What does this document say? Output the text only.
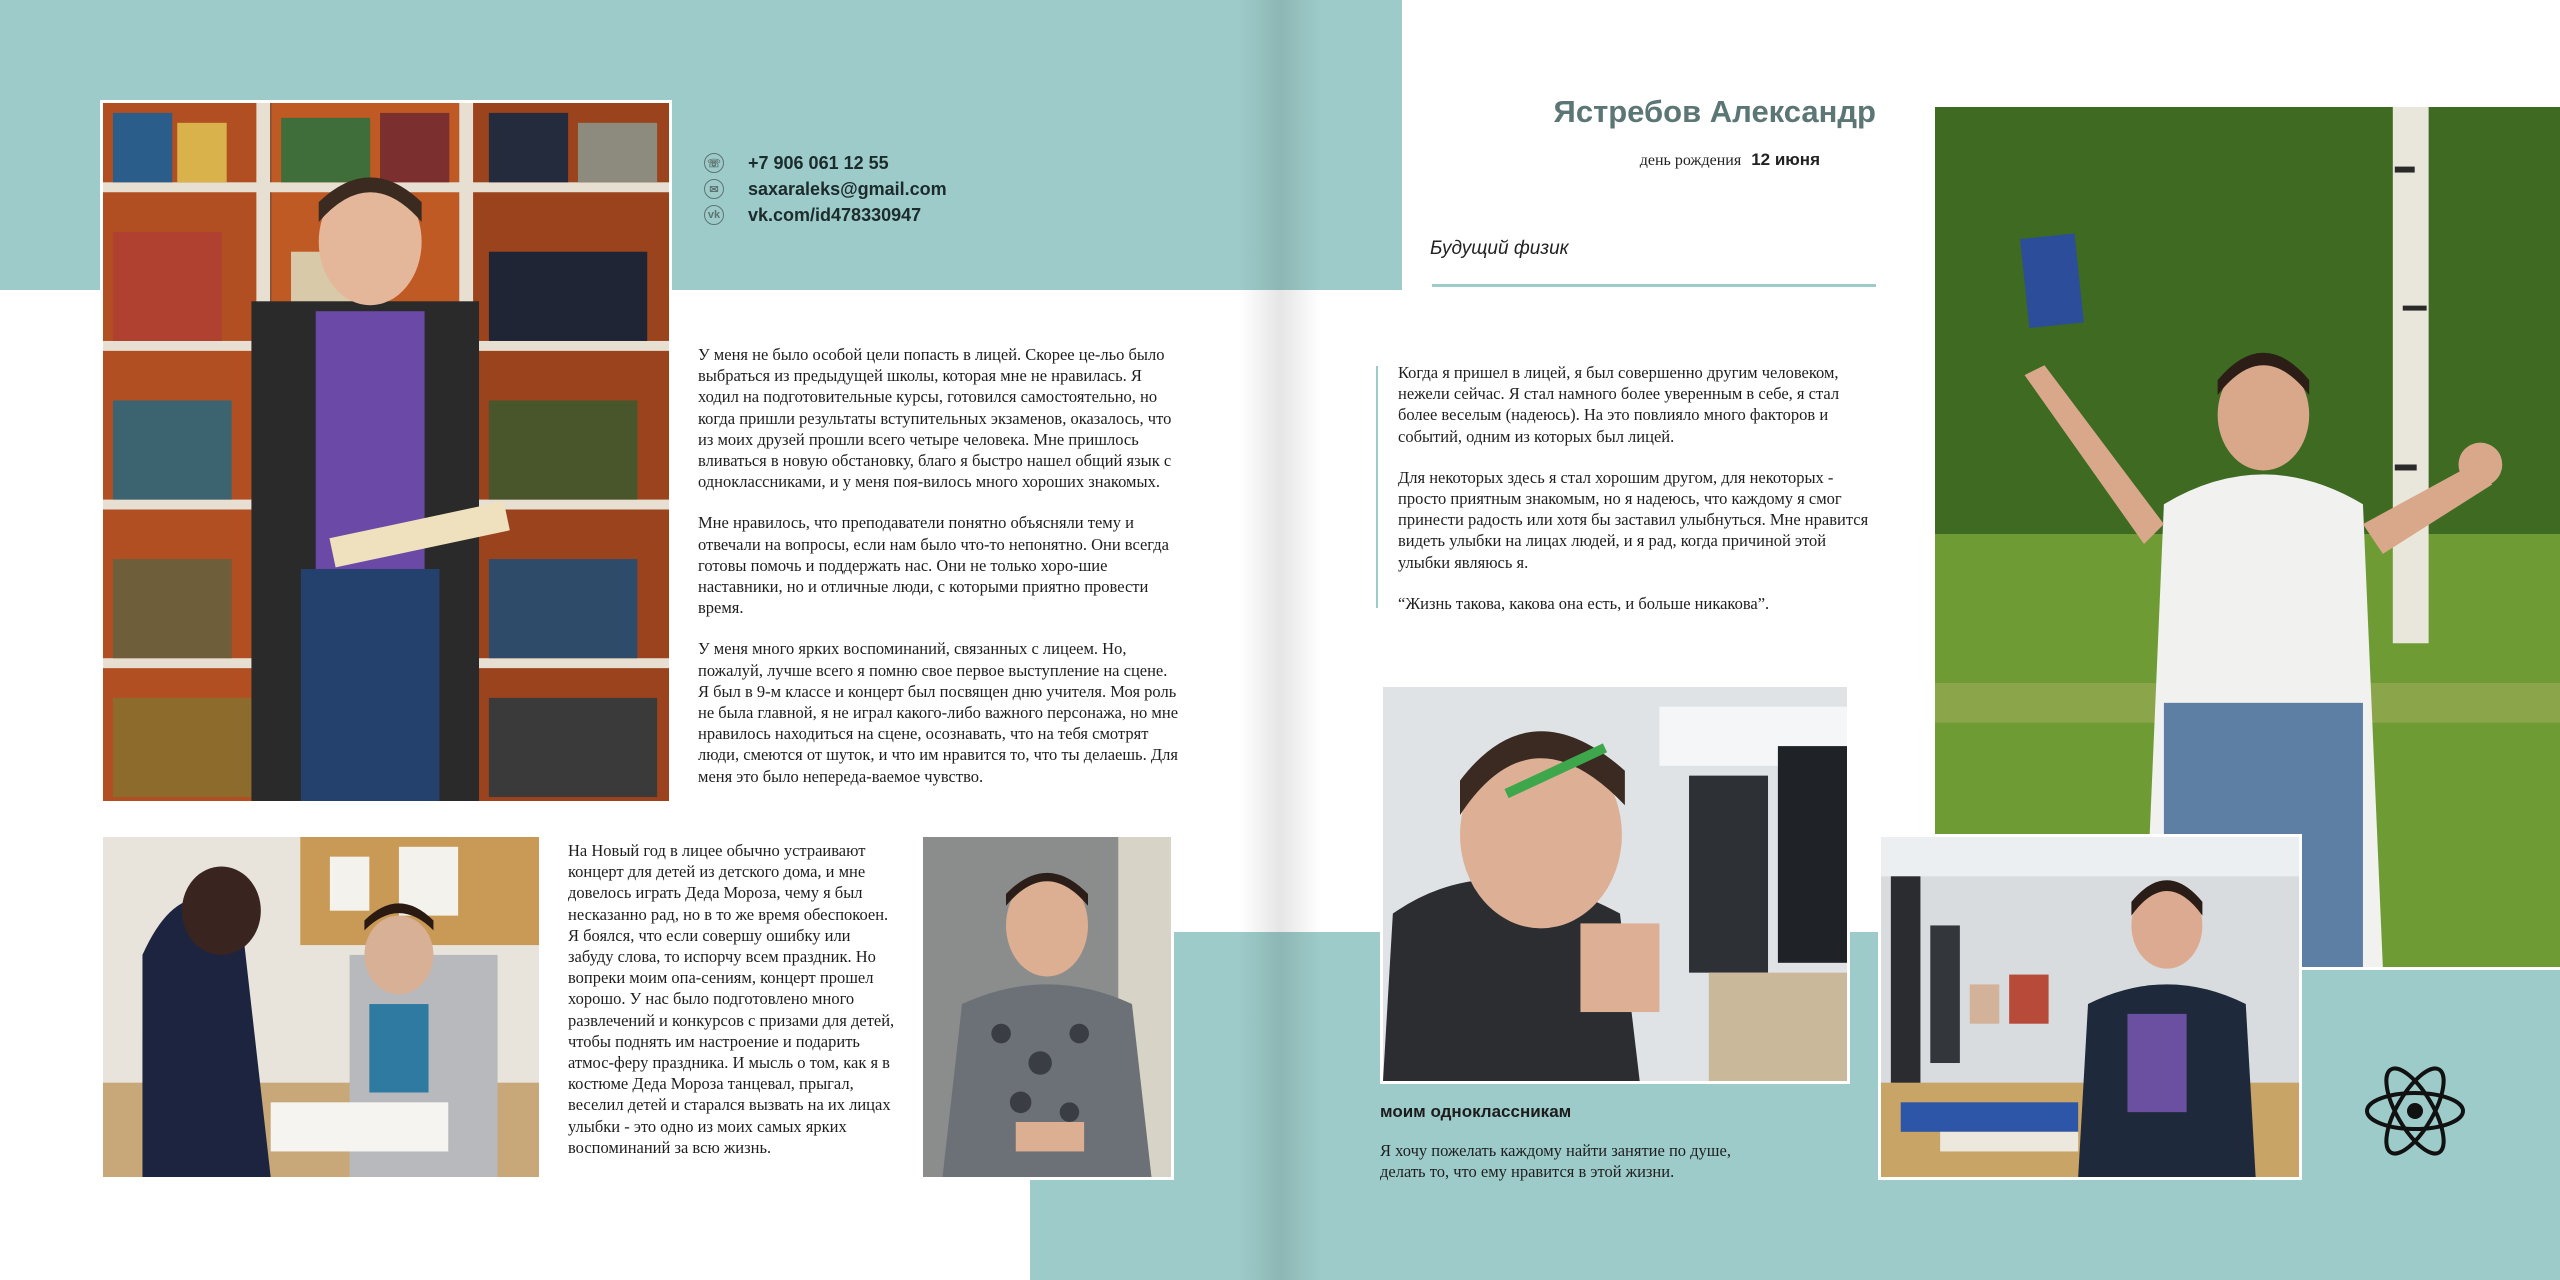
☏ +7 906 061 12 55
✉ saxaraleks@gmail.com
vk vk.com/id478330947

У меня не было особой цели попасть в лицей. Скорее це-льо было выбраться из предыдущей школы, которая мне не нравилась. Я ходил на подготовительные курсы, готовился самостоятельно, но когда пришли результаты вступительных экзаменов, оказалось, что из моих друзей прошли всего четыре человека. Мне пришлось вливаться в новую обстановку, благо я быстро нашел общий язык с одноклассниками, и у меня поя-вилось много хороших знакомых.

Мне нравилось, что преподаватели понятно объясняли тему и отвечали на вопросы, если нам было что-то непонятно. Они всегда готовы помочь и поддержать нас. Они не только хоро-шие наставники, но и отличные люди, с которыми приятно провести время.

У меня много ярких воспоминаний, связанных с лицеем. Но, пожалуй, лучше всего я помню свое первое выступление на сцене. Я был в 9-м классе и концерт был посвящен дню учителя. Моя роль не была главной, я не играл какого-либо важного персонажа, но мне нравилось находиться на сцене, осознавать, что на тебя смотрят люди, смеются от шуток, и что им нравится то, что ты делаешь. Для меня это было непереда-ваемое чувство.

На Новый год в лицее обычно устраивают концерт для детей из детского дома, и мне довелось играть Деда Мороза, чему я был несказанно рад, но в то же время обеспокоен. Я боялся, что если совершу ошибку или забуду слова, то испорчу всем праздник. Но вопреки моим опа-сениям, концерт прошел хорошо. У нас было подготовлено много развлечений и конкурсов с призами для детей, чтобы поднять им настроение и подарить атмос-феру праздника. И мысль о том, как я в костюме Деда Мороза танцевал, прыгал, веселил детей и старался вызвать на их лицах улыбки - это одно из моих самых ярких воспоминаний за всю жизнь.
Ястребов Александр
день рождения 12 июня
Будущий физик

Когда я пришел в лицей, я был совершенно другим человеком, нежели сейчас. Я стал намного более уверенным в себе, я стал более веселым (надеюсь). На это повлияло много факторов и событий, одним из которых был лицей.

Для некоторых здесь я стал хорошим другом, для некоторых - просто приятным знакомым, но я надеюсь, что каждому я смог принести радость или хотя бы заставил улыбнуться. Мне нравится видеть улыбки на лицах людей, и я рад, когда причиной этой улыбки являюсь я.

“Жизнь такова, какова она есть, и больше никакова”.

моим одноклассникам
Я хочу пожелать каждому найти занятие по душе, делать то, что ему нравится в этой жизни.
